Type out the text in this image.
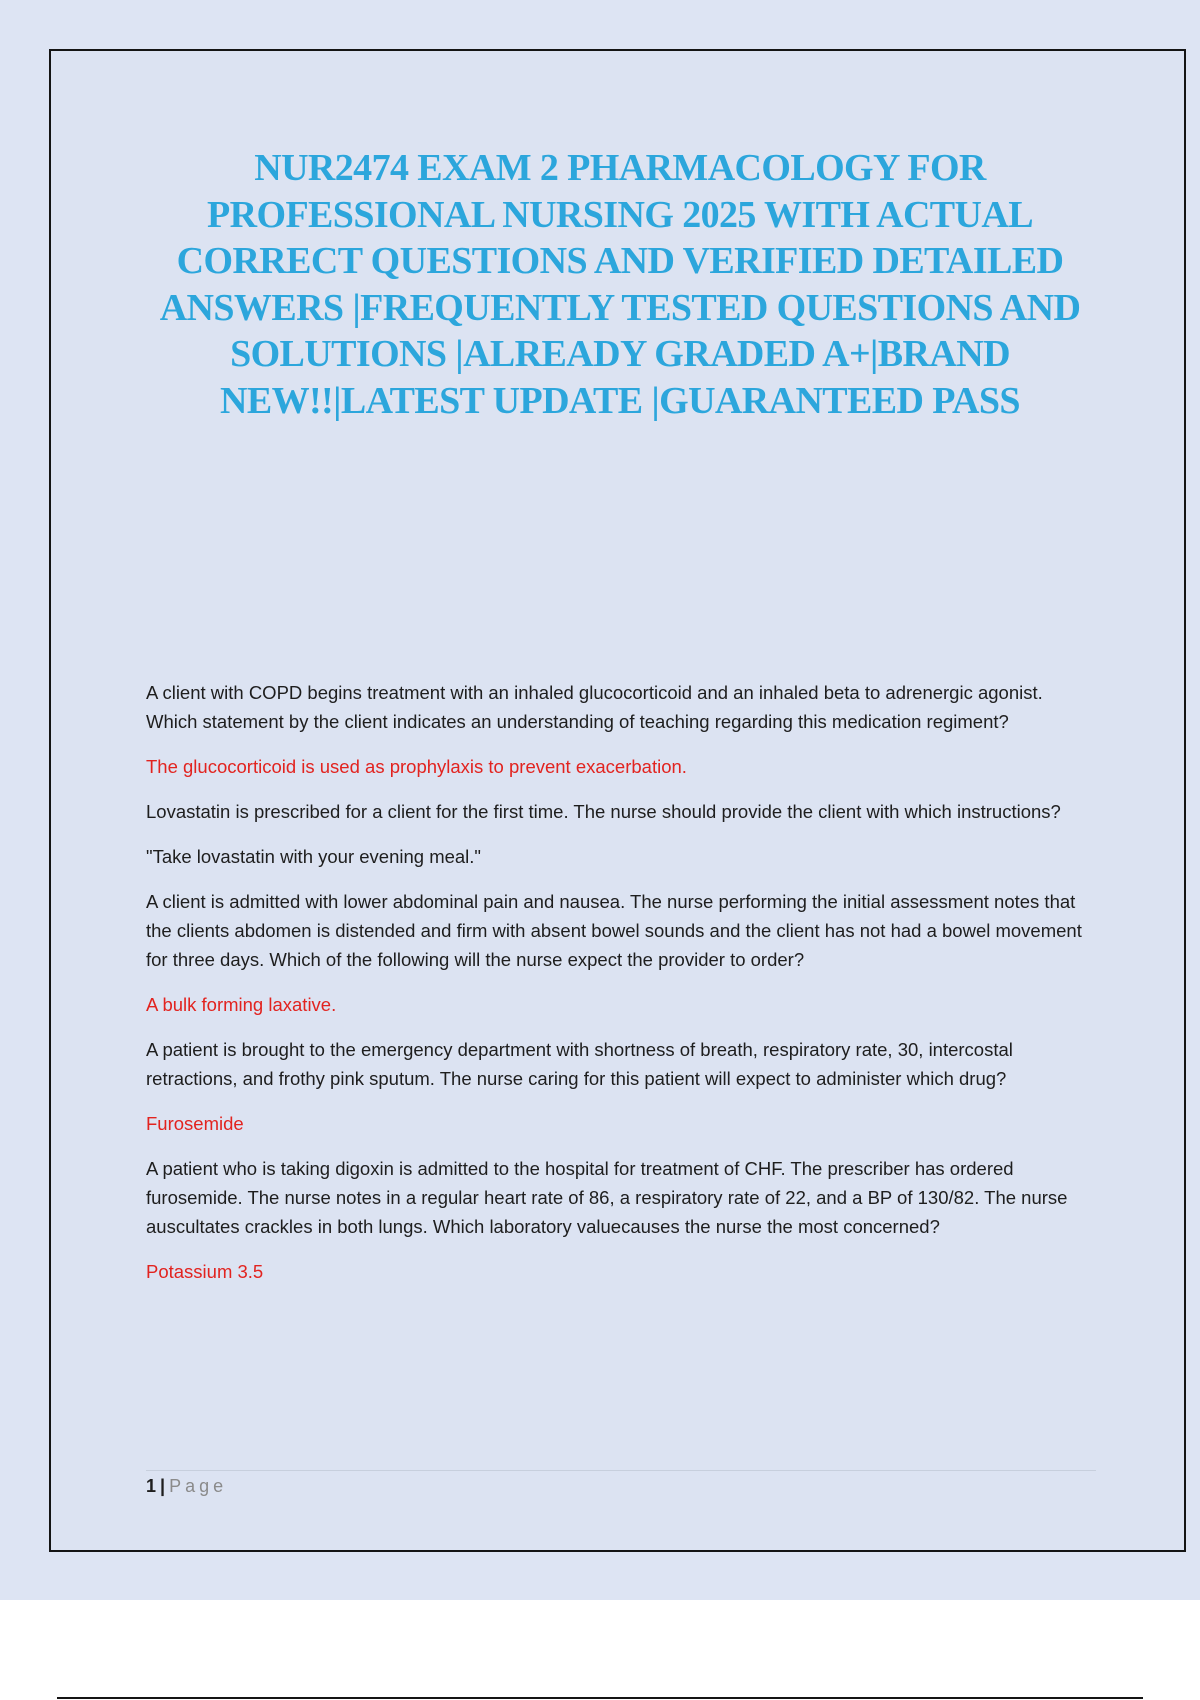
NUR2474 EXAM 2 PHARMACOLOGY FOR PROFESSIONAL NURSING 2025 WITH ACTUAL CORRECT QUESTIONS AND VERIFIED DETAILED ANSWERS |FREQUENTLY TESTED QUESTIONS AND SOLUTIONS |ALREADY GRADED A+|BRAND NEW!!|LATEST UPDATE |GUARANTEED PASS

A client with COPD begins treatment with an inhaled glucocorticoid and an inhaled beta to adrenergic agonist. Which statement by the client indicates an understanding of teaching regarding this medication regiment?

The glucocorticoid is used as prophylaxis to prevent exacerbation.

Lovastatin is prescribed for a client for the first time. The nurse should provide the client with which instructions?

"Take lovastatin with your evening meal."

A client is admitted with lower abdominal pain and nausea. The nurse performing the initial assessment notes that the clients abdomen is distended and firm with absent bowel sounds and the client has not had a bowel movement for three days. Which of the following will the nurse expect the provider to order?

A bulk forming laxative.

A patient is brought to the emergency department with shortness of breath, respiratory rate, 30, intercostal retractions, and frothy pink sputum. The nurse caring for this patient will expect to administer which drug?

Furosemide

A patient who is taking digoxin is admitted to the hospital for treatment of CHF. The prescriber has ordered furosemide. The nurse notes in a regular heart rate of 86, a respiratory rate of 22, and a BP of 130/82. The nurse auscultates crackles in both lungs. Which laboratory valuecauses the nurse the most concerned?

Potassium 3.5

1 | Page
